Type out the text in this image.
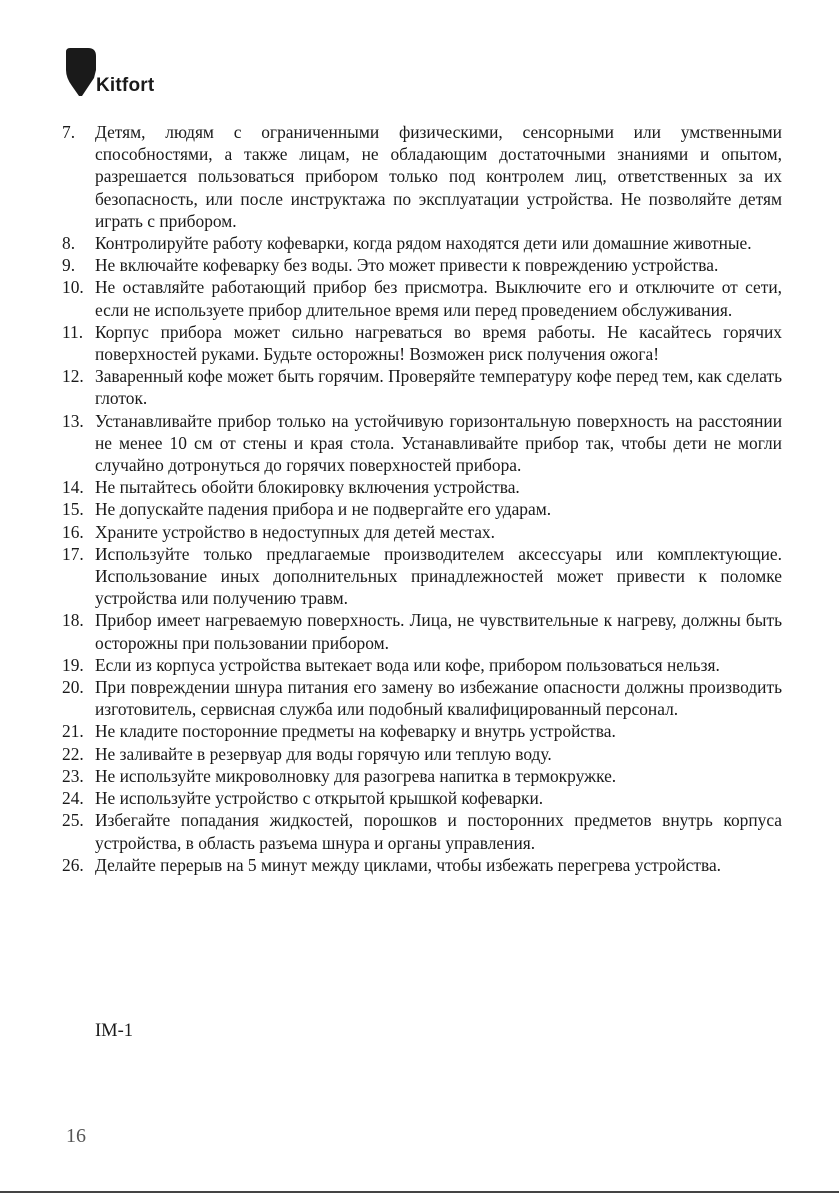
Kitfort
7.	Детям, людям с ограниченными физическими, сенсорными или умственными способностями, а также лицам, не обладающим достаточными знаниями и опытом, разрешается пользоваться прибором только под контролем лиц, ответственных за их безопасность, или после инструктажа по эксплуатации устройства. Не позволяйте детям играть с прибором.
8.	Контролируйте работу кофеварки, когда рядом находятся дети или домашние животные.
9.	Не включайте кофеварку без воды. Это может привести к повреждению устройства.
10. Не оставляйте работающий прибор без присмотра. Выключите его и отключите от сети, если не используете прибор длительное время или перед проведением обслуживания.
11. Корпус прибора может сильно нагреваться во время работы. Не касайтесь горячих поверхностей руками. Будьте осторожны! Возможен риск получения ожога!
12. Заваренный кофе может быть горячим. Проверяйте температуру кофе перед тем, как сделать глоток.
13. Устанавливайте прибор только на устойчивую горизонтальную поверхность на расстоянии не менее 10 см от стены и края стола. Устанавливайте прибор так, чтобы дети не могли случайно дотронуться до горячих поверхностей прибора.
14. Не пытайтесь обойти блокировку включения устройства.
15. Не допускайте падения прибора и не подвергайте его ударам.
16. Храните устройство в недоступных для детей местах.
17. Используйте только предлагаемые производителем аксессуары или комплектующие. Использование иных дополнительных принадлежностей может привести к поломке устройства или получению травм.
18. Прибор имеет нагреваемую поверхность. Лица, не чувствительные к нагреву, должны быть осторожны при пользовании прибором.
19. Если из корпуса устройства вытекает вода или кофе, прибором пользоваться нельзя.
20. При повреждении шнура питания его замену во избежание опасности должны производить изготовитель, сервисная служба или подобный квалифицированный персонал.
21. Не кладите посторонние предметы на кофеварку и внутрь устройства.
22. Не заливайте в резервуар для воды горячую или теплую воду.
23. Не используйте микроволновку для разогрева напитка в термокружке.
24. Не используйте устройство с открытой крышкой кофеварки.
25. Избегайте попадания жидкостей, порошков и посторонних предметов внутрь корпуса устройства, в область разъема шнура и органы управления.
26. Делайте перерыв на 5 минут между циклами, чтобы избежать перегрева устройства.
IM-1
16
